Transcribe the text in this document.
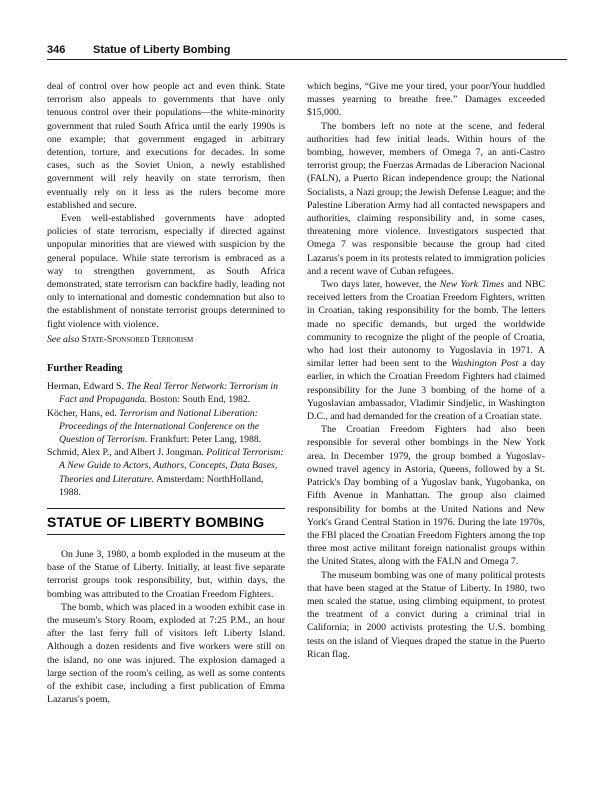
346	Statue of Liberty Bombing

deal of control over how people act and even think. State terrorism also appeals to governments that have only tenuous control over their populations—the white-minority government that ruled South Africa until the early 1990s is one example; that government engaged in arbitrary detention, torture, and executions for decades. In some cases, such as the Soviet Union, a newly established government will rely heavily on state terrorism, then eventually rely on it less as the rulers become more established and secure.

Even well-established governments have adopted policies of state terrorism, especially if directed against unpopular minorities that are viewed with suspicion by the general populace. While state terrorism is embraced as a way to strengthen government, as South Africa demonstrated, state terrorism can backfire badly, leading not only to international and domestic condemnation but also to the establishment of nonstate terrorist groups determined to fight violence with violence.

See also State-Sponsored Terrorism

Further Reading

Herman, Edward S. The Real Terror Network: Terrorism in Fact and Propaganda. Boston: South End, 1982.

Köcher, Hans, ed. Terrorism and National Liberation: Proceedings of the International Conference on the Question of Terrorism. Frankfurt: Peter Lang, 1988.

Schmid, Alex P., and Albert J. Jongman. Political Terrorism: A New Guide to Actors, Authors, Concepts, Data Bases, Theories and Literature. Amsterdam: NorthHolland, 1988.

STATUE OF LIBERTY BOMBING

On June 3, 1980, a bomb exploded in the museum at the base of the Statue of Liberty. Initially, at least five separate terrorist groups took responsibility, but, within days, the bombing was attributed to the Croatian Freedom Fighters.

The bomb, which was placed in a wooden exhibit case in the museum's Story Room, exploded at 7:25 P.M., an hour after the last ferry full of visitors left Liberty Island. Although a dozen residents and five workers were still on the island, no one was injured. The explosion damaged a large section of the room's ceiling, as well as some contents of the exhibit case, including a first publication of Emma Lazarus's poem,

which begins, “Give me your tired, your poor/Your huddled masses yearning to breathe free.” Damages exceeded $15,000.

The bombers left no note at the scene, and federal authorities had few initial leads. Within hours of the bombing, however, members of Omega 7, an anti-Castro terrorist group; the Fuerzas Armadas de Liberacion Nacional (FALN), a Puerto Rican independence group; the National Socialists, a Nazi group; the Jewish Defense League; and the Palestine Liberation Army had all contacted newspapers and authorities, claiming responsibility and, in some cases, threatening more violence. Investigators suspected that Omega 7 was responsible because the group had cited Lazarus's poem in its protests related to immigration policies and a recent wave of Cuban refugees.

Two days later, however, the New York Times and NBC received letters from the Croatian Freedom Fighters, written in Croatian, taking responsibility for the bomb. The letters made no specific demands, but urged the worldwide community to recognize the plight of the people of Croatia, who had lost their autonomy to Yugoslavia in 1971. A similar letter had been sent to the Washington Post a day earlier, in which the Croatian Freedom Fighters had claimed responsibility for the June 3 bombing of the home of a Yugoslavian ambassador, Vladimir Sindjelic, in Washington D.C., and had demanded for the creation of a Croatian state.

The Croatian Freedom Fighters had also been responsible for several other bombings in the New York area. In December 1979, the group bombed a Yugoslav-owned travel agency in Astoria, Queens, followed by a St. Patrick's Day bombing of a Yugoslav bank, Yugobanka, on Fifth Avenue in Manhattan. The group also claimed responsibility for bombs at the United Nations and New York's Grand Central Station in 1976. During the late 1970s, the FBI placed the Croatian Freedom Fighters among the top three most active militant foreign nationalist groups within the United States, along with the FALN and Omega 7.

The museum bombing was one of many political protests that have been staged at the Statue of Liberty. In 1980, two men scaled the statue, using climbing equipment, to protest the treatment of a convict during a criminal trial in California; in 2000 activists protesting the U.S. bombing tests on the island of Vieques draped the statue in the Puerto Rican flag.
